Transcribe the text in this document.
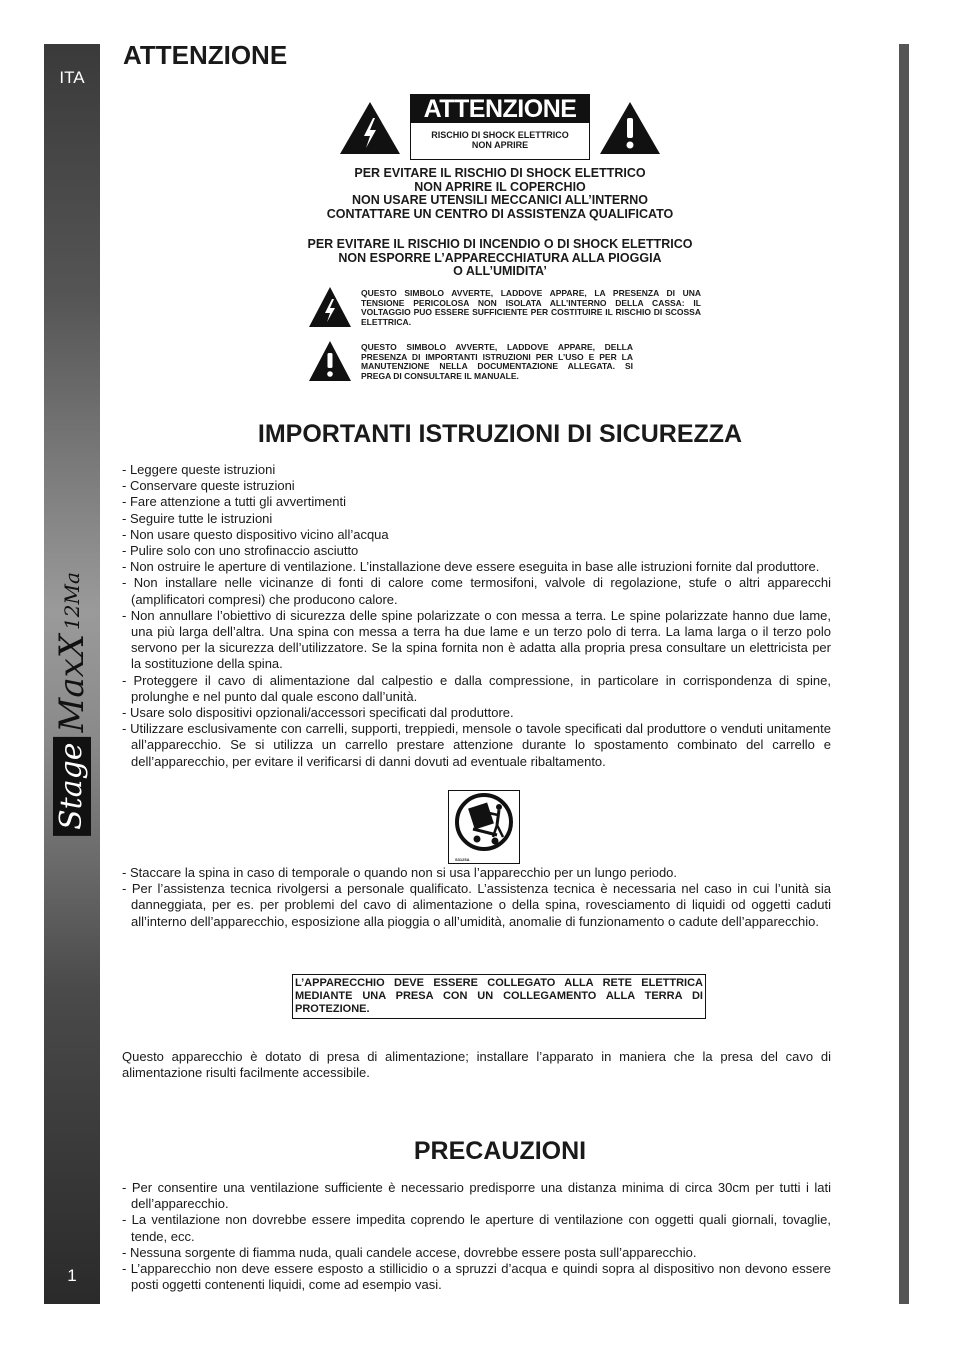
ITA
Stage
MaxX
12Ma
1
ATTENZIONE
ATTENZIONE
RISCHIO DI SHOCK ELETTRICO
NON APRIRE
PER EVITARE IL RISCHIO DI SHOCK ELETTRICO
NON APRIRE IL COPERCHIO
NON USARE UTENSILI MECCANICI ALL’INTERNO
CONTATTARE UN CENTRO DI ASSISTENZA QUALIFICATO
PER EVITARE IL RISCHIO DI INCENDIO O DI SHOCK ELETTRICO
NON ESPORRE L’APPARECCHIATURA ALLA PIOGGIA
O ALL’UMIDITA’
QUESTO SIMBOLO AVVERTE, LADDOVE APPARE, LA PRESENZA DI UNA TENSIONE PERICOLOSA NON ISOLATA ALL’INTERNO DELLA CASSA: IL VOLTAGGIO PUO ESSERE SUFFICIENTE PER COSTITUIRE IL RISCHIO DI SCOSSA ELETTRICA.
QUESTO SIMBOLO AVVERTE, LADDOVE APPARE, DELLA PRESENZA DI IMPORTANTI ISTRUZIONI PER L’USO E PER LA MANUTENZIONE NELLA DOCUMENTAZIONE ALLEGATA. SI PREGA DI CONSULTARE IL MANUALE.
IMPORTANTI ISTRUZIONI DI SICUREZZA
- Leggere queste istruzioni
- Conservare queste istruzioni
- Fare attenzione a tutti gli avvertimenti
- Seguire tutte le istruzioni
- Non usare questo dispositivo vicino all’acqua
- Pulire solo con uno strofinaccio asciutto
- Non ostruire le aperture di ventilazione. L’installazione deve essere eseguita in base alle istruzioni fornite dal produttore.
- Non installare nelle vicinanze di fonti di calore come termosifoni, valvole di regolazione, stufe o altri apparecchi (amplificatori compresi) che producono calore.
- Non annullare l’obiettivo di sicurezza delle spine polarizzate o con messa a terra. Le spine polarizzate hanno due lame, una più larga dell’altra. Una spina con messa a terra ha due lame e un terzo polo di terra. La lama larga o il terzo polo servono per la sicurezza dell’utilizzatore. Se la spina fornita non è adatta alla propria presa consultare un elettricista per la sostituzione della spina.
- Proteggere il cavo di alimentazione dal calpestio e dalla compressione, in particolare in corrispondenza di spine, prolunghe e nel punto dal quale escono dall’unità.
- Usare solo dispositivi opzionali/accessori specificati dal produttore.
- Utilizzare esclusivamente con carrelli, supporti, treppiedi, mensole o tavole specificati dal produttore o venduti unitamente all’apparecchio. Se si utilizza un carrello prestare attenzione durante lo spostamento combinato del carrello e dell’apparecchio, per evitare il verificarsi di danni dovuti ad eventuale ribaltamento.
S3125A
- Staccare la spina in caso di temporale o quando non si usa l’apparecchio per un lungo periodo.
- Per l’assistenza tecnica rivolgersi a personale qualificato. L’assistenza tecnica è necessaria nel caso in cui l’unità sia danneggiata, per es. per problemi del cavo di alimentazione o della spina, rovesciamento di liquidi od oggetti caduti all’interno dell’apparecchio, esposizione alla pioggia o all’umidità, anomalie di funzionamento o cadute dell’apparecchio.
L’APPARECCHIO DEVE ESSERE COLLEGATO ALLA RETE ELETTRICA MEDIANTE UNA PRESA CON UN COLLEGAMENTO ALLA TERRA DI PROTEZIONE.

Questo apparecchio è dotato di presa di alimentazione; installare l’apparato in maniera che la presa del cavo di alimentazione risulti facilmente accessibile.

PRECAUZIONI
- Per consentire una ventilazione sufficiente è necessario predisporre una distanza minima di circa 30cm per tutti i lati dell’apparecchio.
- La ventilazione non dovrebbe essere impedita coprendo le aperture di ventilazione con oggetti quali giornali, tovaglie, tende, ecc.
- Nessuna sorgente di fiamma nuda, quali candele accese, dovrebbe essere posta sull’apparecchio.
- L’apparecchio non deve essere esposto a stillicidio o a spruzzi d’acqua e quindi sopra al dispositivo non devono essere posti oggetti contenenti liquidi, come ad esempio vasi.
